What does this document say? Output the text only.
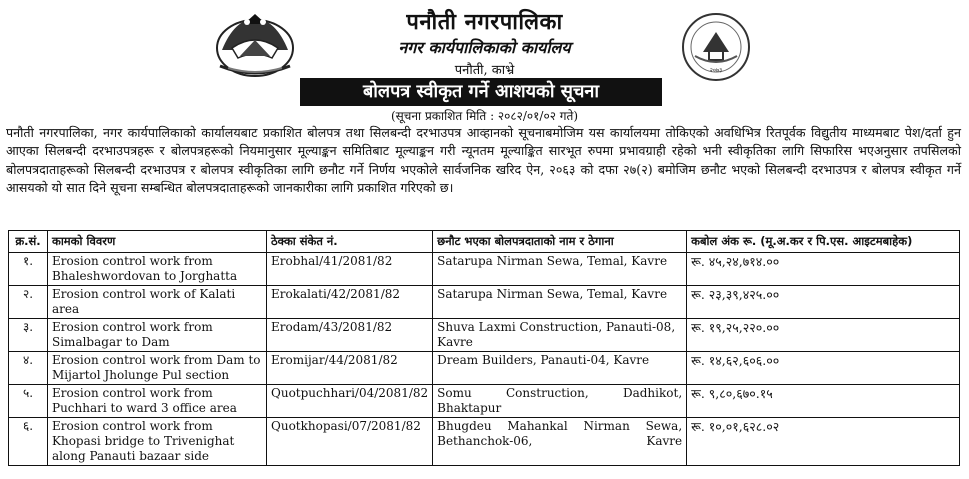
पनौती नगरपालिका
नगर कार्यपालिकाको कार्यालय
पनौती, काभ्रे	२०७३
बोलपत्र स्वीकृत गर्ने आशयको सूचना
(सूचना प्रकाशित मिति : २०८२/०१/०२ गते)
पनौती नगरपालिका, नगर कार्यपालिकाको कार्यालयबाट प्रकाशित बोलपत्र तथा सिलबन्दी दरभाउपत्र आव्हानको सूचनाबमोजिम यस कार्यालयमा तोकिएको अवधिभित्र रितपूर्वक विद्युतीय माध्यमबाट पेश/दर्ता हुन आएका सिलबन्दी दरभाउपत्रहरू र बोलपत्रहरूको नियमानुसार मूल्याङ्कन समितिबाट मूल्याङ्कन गरी न्यूनतम मूल्याङ्कित सारभूत रुपमा प्रभावग्राही रहेको भनी स्वीकृतिका लागि सिफारिस भएअनुसार तपसिलको बोलपत्रदाताहरूको सिलबन्दी दरभाउपत्र र बोलपत्र स्वीकृतिका लागि छनौट गर्ने निर्णय भएकोले सार्वजनिक खरिद ऐन, २०६३ को दफा २७(२) बमोजिम छनौट भएको सिलबन्दी दरभाउपत्र र बोलपत्र स्वीकृत गर्ने आसयको यो सात दिने सूचना सम्बन्धित बोलपत्रदाताहरूको जानकारीका लागि प्रकाशित गरिएको छ।
क्र.सं.	कामको विवरण	ठेक्का संकेत नं.	छनौट भएका बोलपत्रदाताको नाम र ठेगाना	कबोल अंक रू. (मू.अ.कर र पि.एस. आइटमबाहेक)
१.	Erosion control work from Bhaleshwordovan to Jorghatta	Erobhal/41/2081/82	Satarupa Nirman Sewa, Temal, Kavre	रू. ४५,२४,७१४.००
२.	Erosion control work of Kalati area	Erokalati/42/2081/82	Satarupa Nirman Sewa, Temal, Kavre	रू. २३,३९,४२५.००
३.	Erosion control work from Simalbagar to Dam	Erodam/43/2081/82	Shuva Laxmi Construction, Panauti-08, Kavre	रू. १९,२५,२२०.००
४.	Erosion control work from Dam to Mijartol Jholunge Pul section	Eromijar/44/2081/82	Dream Builders, Panauti-04, Kavre	रू. १४,६२,६०६.००
५.	Erosion control work from Puchhari to ward 3 office area	Quotpuchhari/04/2081/82	Somu Construction, Dadhikot, Bhaktapur	रू. ९,८०,६७०.१५
६.	Erosion control work from Khopasi bridge to Trivenighat along Panauti bazaar side	Quotkhopasi/07/2081/82	Bhugdeu Mahankal Nirman Sewa, Bethanchok-06, Kavre	रू. १०,०१,६२८.०२
